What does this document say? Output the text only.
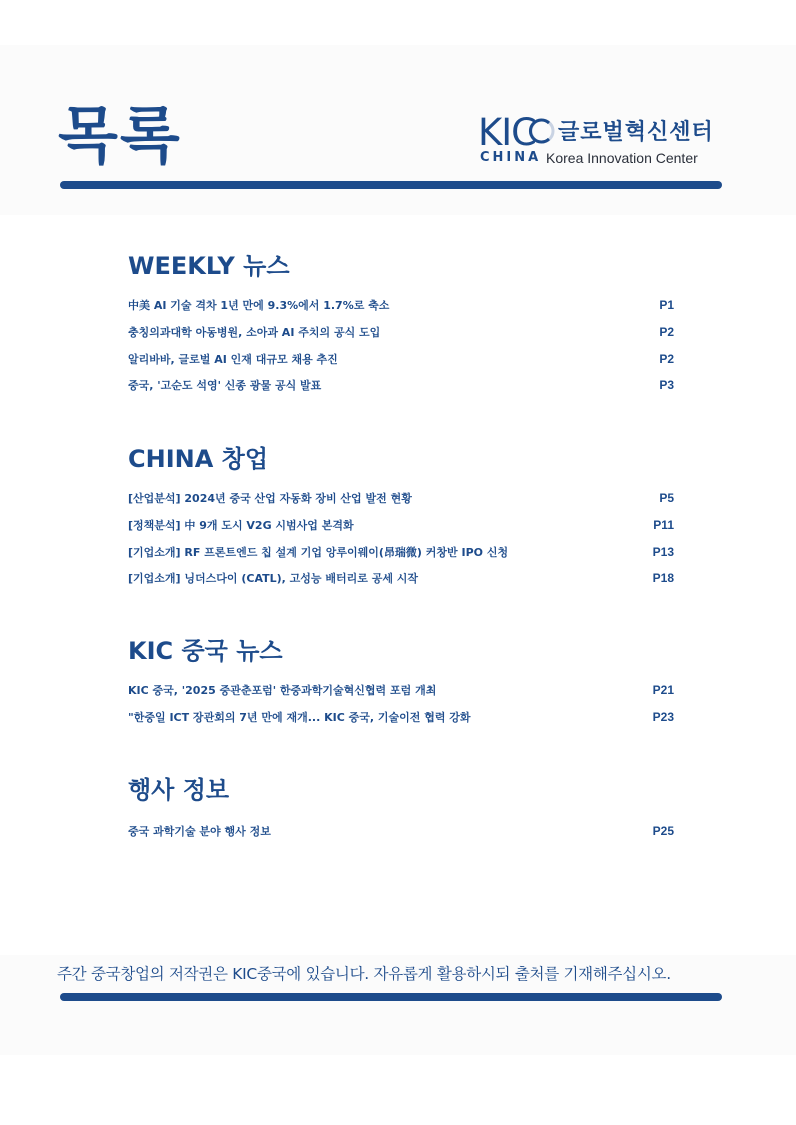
목록	KIC 글로벌혁신센터
CHINA Korea Innovation Center
WEEKLY 뉴스
中美 AI 기술 격차 1년 만에 9.3%에서 1.7%로 축소	P1
충칭의과대학 아동병원, 소아과 AI 주치의 공식 도입	P2
알리바바, 글로벌 AI 인재 대규모 채용 추진	P2
중국, '고순도 석영' 신종 광물 공식 발표	P3
CHINA 창업
[산업분석] 2024년 중국 산업 자동화 장비 산업 발전 현황	P5
[정책분석] 中 9개 도시 V2G 시범사업 본격화	P11
[기업소개] RF 프론트엔드 칩 설계 기업 앙루이웨이(昂瑞微) 커창반 IPO 신청	P13
[기업소개] 닝더스다이 (CATL), 고성능 배터리로 공세 시작	P18
KIC 중국 뉴스
KIC 중국, '2025 중관춘포럼' 한중과학기술혁신협력 포럼 개최	P21
"한중일 ICT 장관회의 7년 만에 재개... KIC 중국, 기술이전 협력 강화	P23
행사 정보
중국 과학기술 분야 행사 정보	P25

주간 중국창업의 저작권은 KIC중국에 있습니다. 자유롭게 활용하시되 출처를 기재해주십시오.
